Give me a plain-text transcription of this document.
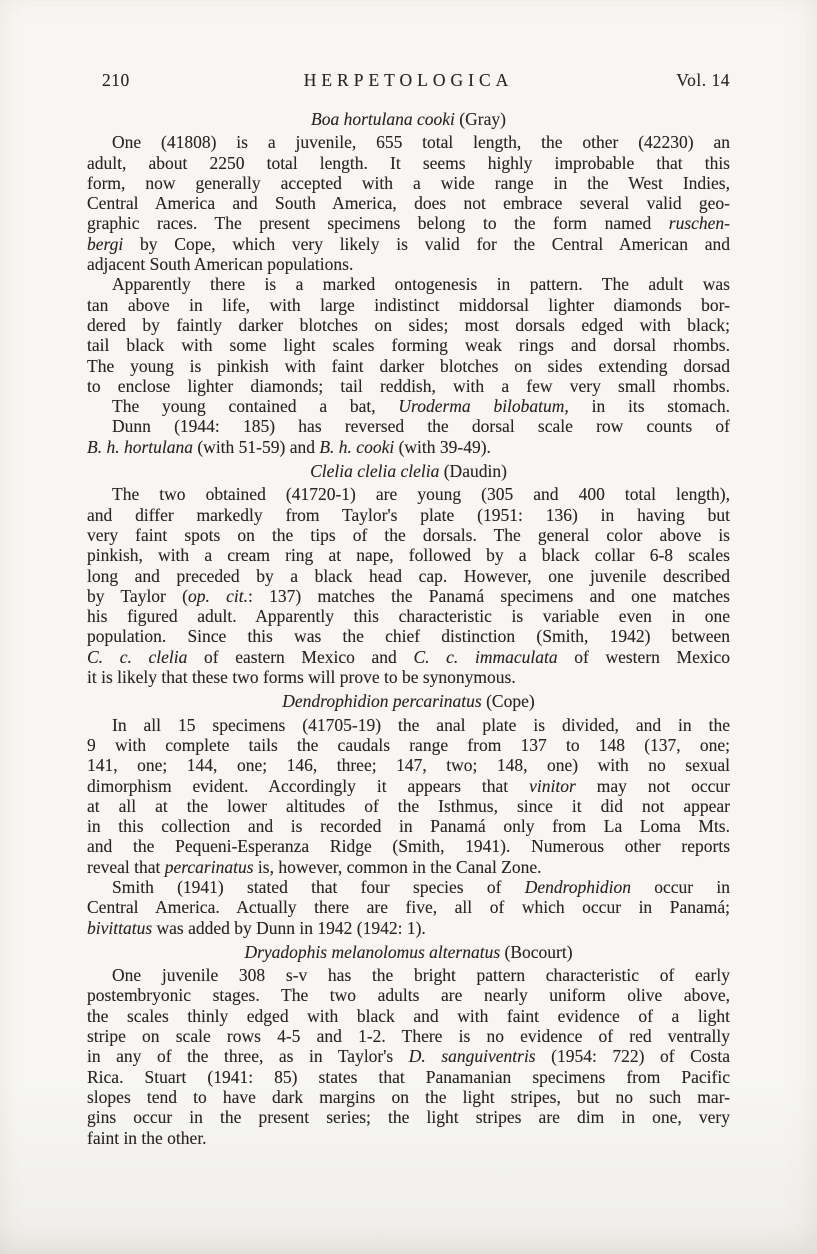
210	HERPETOLOGICA	Vol. 14
Boa hortulana cooki (Gray)
One (41808) is a juvenile, 655 total length, the other (42230) an
adult, about 2250 total length. It seems highly improbable that this
form, now generally accepted with a wide range in the West Indies,
Central America and South America, does not embrace several valid geo-
graphic races. The present specimens belong to the form named ruschen-
bergi by Cope, which very likely is valid for the Central American and
adjacent South American populations.
Apparently there is a marked ontogenesis in pattern. The adult was
tan above in life, with large indistinct middorsal lighter diamonds bor-
dered by faintly darker blotches on sides; most dorsals edged with black;
tail black with some light scales forming weak rings and dorsal rhombs.
The young is pinkish with faint darker blotches on sides extending dorsad
to enclose lighter diamonds; tail reddish, with a few very small rhombs.
The young contained a bat, Uroderma bilobatum, in its stomach.
Dunn (1944: 185) has reversed the dorsal scale row counts of
B. h. hortulana (with 51-59) and B. h. cooki (with 39-49).
Clelia clelia clelia (Daudin)
The two obtained (41720-1) are young (305 and 400 total length),
and differ markedly from Taylor's plate (1951: 136) in having but
very faint spots on the tips of the dorsals. The general color above is
pinkish, with a cream ring at nape, followed by a black collar 6-8 scales
long and preceded by a black head cap. However, one juvenile described
by Taylor (op. cit.: 137) matches the Panamá specimens and one matches
his figured adult. Apparently this characteristic is variable even in one
population. Since this was the chief distinction (Smith, 1942) between
C. c. clelia of eastern Mexico and C. c. immaculata of western Mexico
it is likely that these two forms will prove to be synonymous.
Dendrophidion percarinatus (Cope)
In all 15 specimens (41705-19) the anal plate is divided, and in the
9 with complete tails the caudals range from 137 to 148 (137, one;
141, one; 144, one; 146, three; 147, two; 148, one) with no sexual
dimorphism evident. Accordingly it appears that vinitor may not occur
at all at the lower altitudes of the Isthmus, since it did not appear
in this collection and is recorded in Panamá only from La Loma Mts.
and the Pequeni-Esperanza Ridge (Smith, 1941). Numerous other reports
reveal that percarinatus is, however, common in the Canal Zone.
Smith (1941) stated that four species of Dendrophidion occur in
Central America. Actually there are five, all of which occur in Panamá;
bivittatus was added by Dunn in 1942 (1942: 1).
Dryadophis melanolomus alternatus (Bocourt)
One juvenile 308 s-v has the bright pattern characteristic of early
postembryonic stages. The two adults are nearly uniform olive above,
the scales thinly edged with black and with faint evidence of a light
stripe on scale rows 4-5 and 1-2. There is no evidence of red ventrally
in any of the three, as in Taylor's D. sanguiventris (1954: 722) of Costa
Rica. Stuart (1941: 85) states that Panamanian specimens from Pacific
slopes tend to have dark margins on the light stripes, but no such mar-
gins occur in the present series; the light stripes are dim in one, very
faint in the other.
